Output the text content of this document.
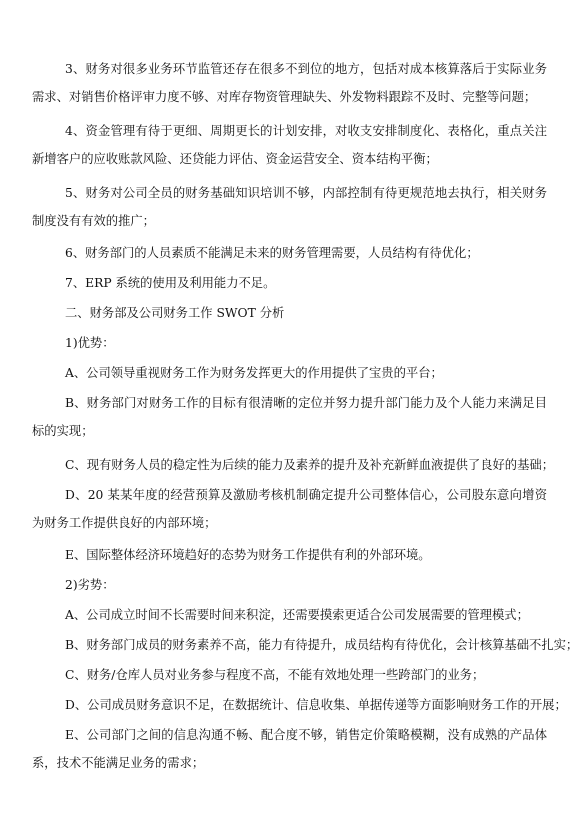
3、财务对很多业务环节监管还存在很多不到位的地方，包括对成本核算落后于实际业务需求、对销售价格评审力度不够、对库存物资管理缺失、外发物料跟踪不及时、完整等问题；

4、资金管理有待于更细、周期更长的计划安排，对收支安排制度化、表格化，重点关注新增客户的应收账款风险、还贷能力评估、资金运营安全、资本结构平衡；

5、财务对公司全员的财务基础知识培训不够，内部控制有待更规范地去执行，相关财务制度没有有效的推广；

6、财务部门的人员素质不能满足未来的财务管理需要，人员结构有待优化；

7、ERP 系统的使用及利用能力不足。

二、财务部及公司财务工作 SWOT 分析

1)优势：

A、公司领导重视财务工作为财务发挥更大的作用提供了宝贵的平台；

B、财务部门对财务工作的目标有很清晰的定位并努力提升部门能力及个人能力来满足目标的实现；

C、现有财务人员的稳定性为后续的能力及素养的提升及补充新鲜血液提供了良好的基础；

D、20 某某年度的经营预算及激励考核机制确定提升公司整体信心，公司股东意向增资为财务工作提供良好的内部环境；

E、国际整体经济环境趋好的态势为财务工作提供有利的外部环境。

2)劣势：

A、公司成立时间不长需要时间来积淀，还需要摸索更适合公司发展需要的管理模式；

B、财务部门成员的财务素养不高，能力有待提升，成员结构有待优化，会计核算基础不扎实；

C、财务/仓库人员对业务参与程度不高，不能有效地处理一些跨部门的业务；

D、公司成员财务意识不足，在数据统计、信息收集、单据传递等方面影响财务工作的开展；

E、公司部门之间的信息沟通不畅、配合度不够，销售定价策略模糊，没有成熟的产品体系，技术不能满足业务的需求；
